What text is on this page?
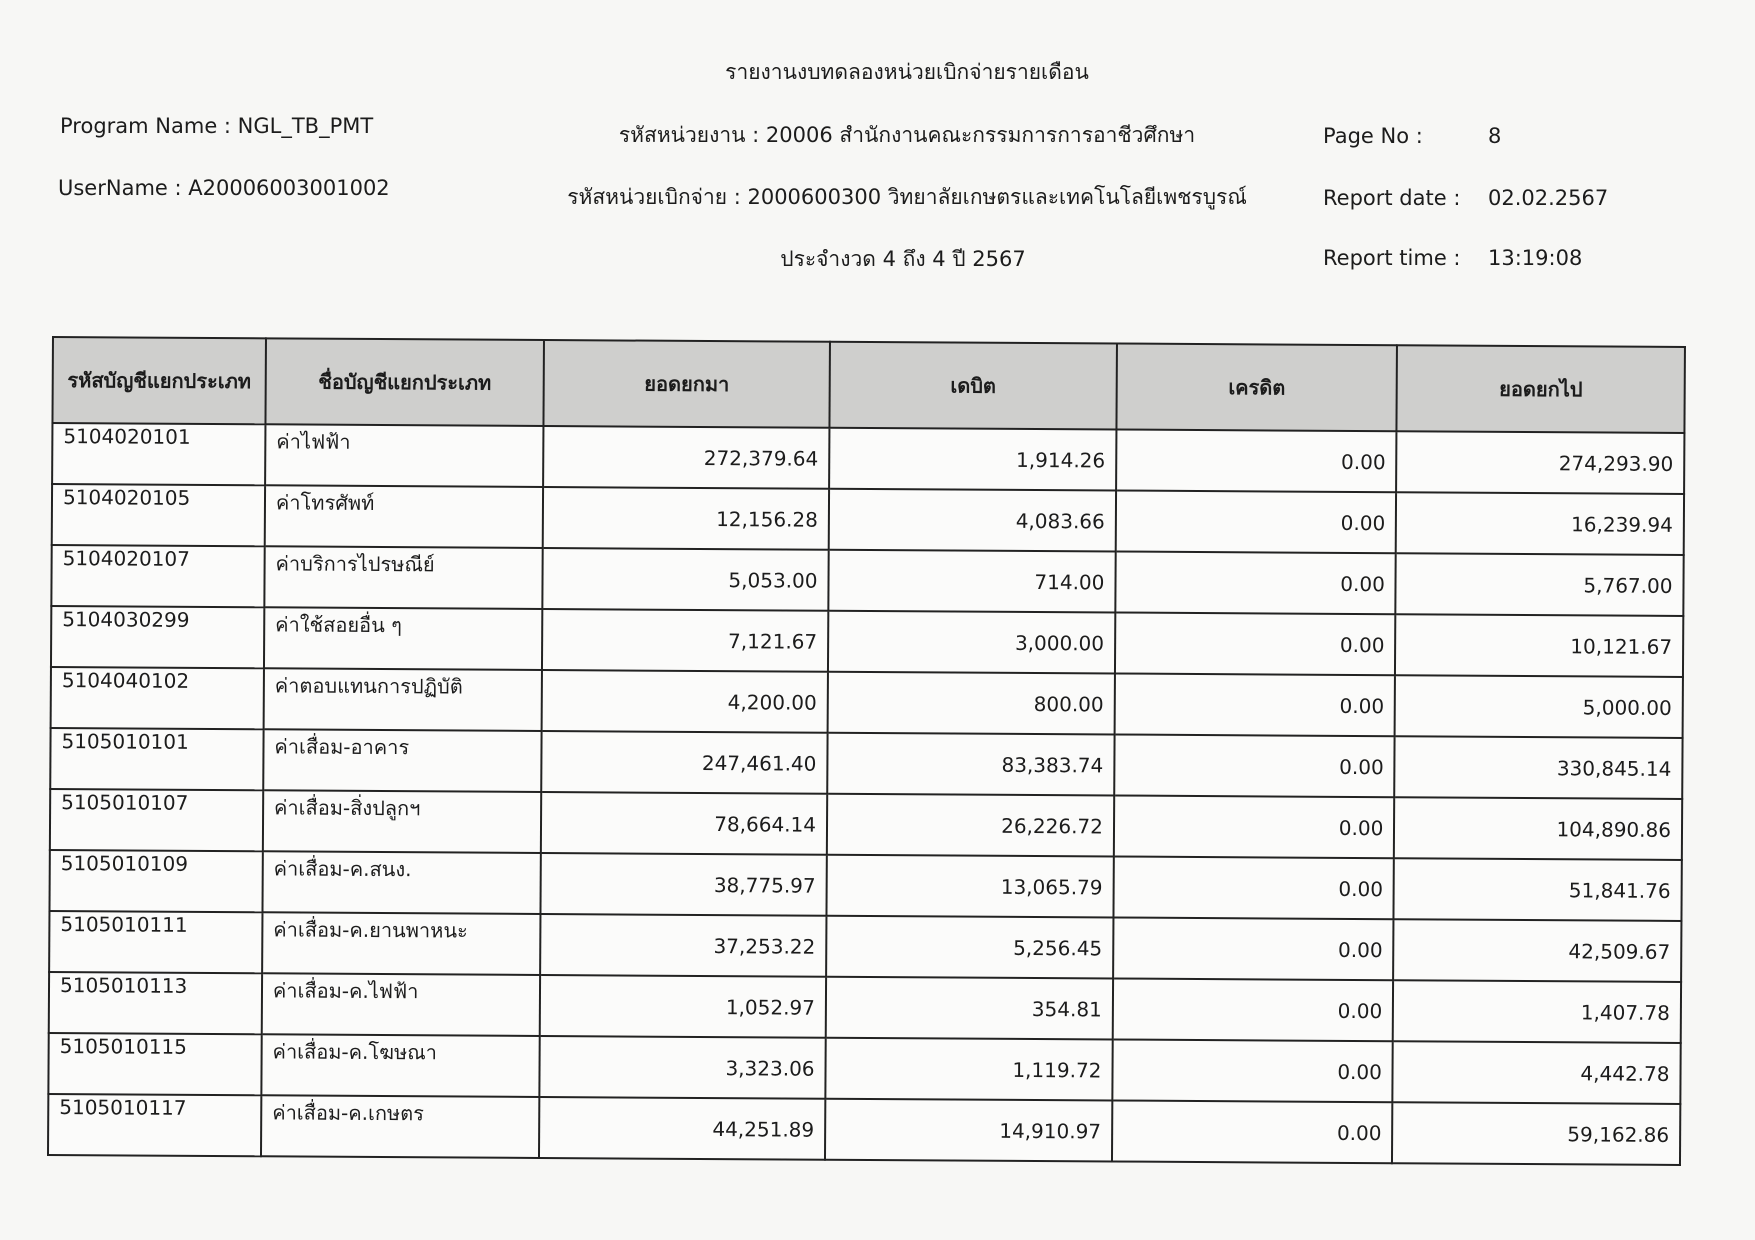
รายงานงบทดลองหน่วยเบิกจ่ายรายเดือน
Program Name : NGL_TB_PMT
UserName : A20006003001002
รหัสหน่วยงาน : 20006 สำนักงานคณะกรรมการการอาชีวศึกษา
รหัสหน่วยเบิกจ่าย : 2000600300 วิทยาลัยเกษตรและเทคโนโลยีเพชรบูรณ์
ประจำงวด 4 ถึง 4 ปี 2567
Page No :	8
Report date : 02.02.2567
Report time : 13:19:08
รหัสบัญชีแยกประเภท	ชื่อบัญชีแยกประเภท	ยอดยกมา	เดบิต	เครดิต	ยอดยกไป
5104020101	ค่าไฟฟ้า	272,379.64	1,914.26	0.00	274,293.90
5104020105	ค่าโทรศัพท์	12,156.28	4,083.66	0.00	16,239.94
5104020107	ค่าบริการไปรษณีย์	5,053.00	714.00	0.00	5,767.00
5104030299	ค่าใช้สอยอื่น ๆ	7,121.67	3,000.00	0.00	10,121.67
5104040102	ค่าตอบแทนการปฏิบัติ	4,200.00	800.00	0.00	5,000.00
5105010101	ค่าเสื่อม-อาคาร	247,461.40	83,383.74	0.00	330,845.14
5105010107	ค่าเสื่อม-สิ่งปลูกฯ	78,664.14	26,226.72	0.00	104,890.86
5105010109	ค่าเสื่อม-ค.สนง.	38,775.97	13,065.79	0.00	51,841.76
5105010111	ค่าเสื่อม-ค.ยานพาหนะ	37,253.22	5,256.45	0.00	42,509.67
5105010113	ค่าเสื่อม-ค.ไฟฟ้า	1,052.97	354.81	0.00	1,407.78
5105010115	ค่าเสื่อม-ค.โฆษณา	3,323.06	1,119.72	0.00	4,442.78
5105010117	ค่าเสื่อม-ค.เกษตร	44,251.89	14,910.97	0.00	59,162.86
